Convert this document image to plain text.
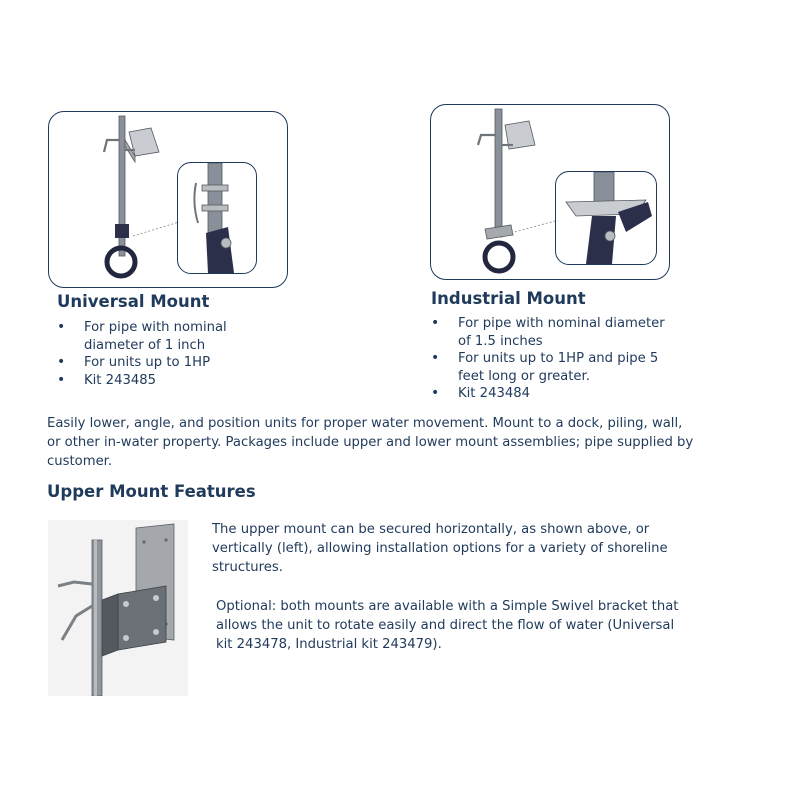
Universal Mount
• For pipe with nominal diameter of 1 inch
• For units up to 1HP
• Kit 243485
Industrial Mount
• For pipe with nominal diameter of 1.5 inches
• For units up to 1HP and pipe 5 feet long or greater.
• Kit 243484
Easily lower, angle, and position units for proper water movement. Mount to a dock, piling, wall, or other in-water property. Packages include upper and lower mount assemblies; pipe supplied by customer.
Upper Mount Features
The upper mount can be secured horizontally, as shown above, or vertically (left), allowing installation options for a variety of shoreline structures.
Optional: both mounts are available with a Simple Swivel bracket that allows the unit to rotate easily and direct the flow of water (Universal kit 243478, Industrial kit 243479).
